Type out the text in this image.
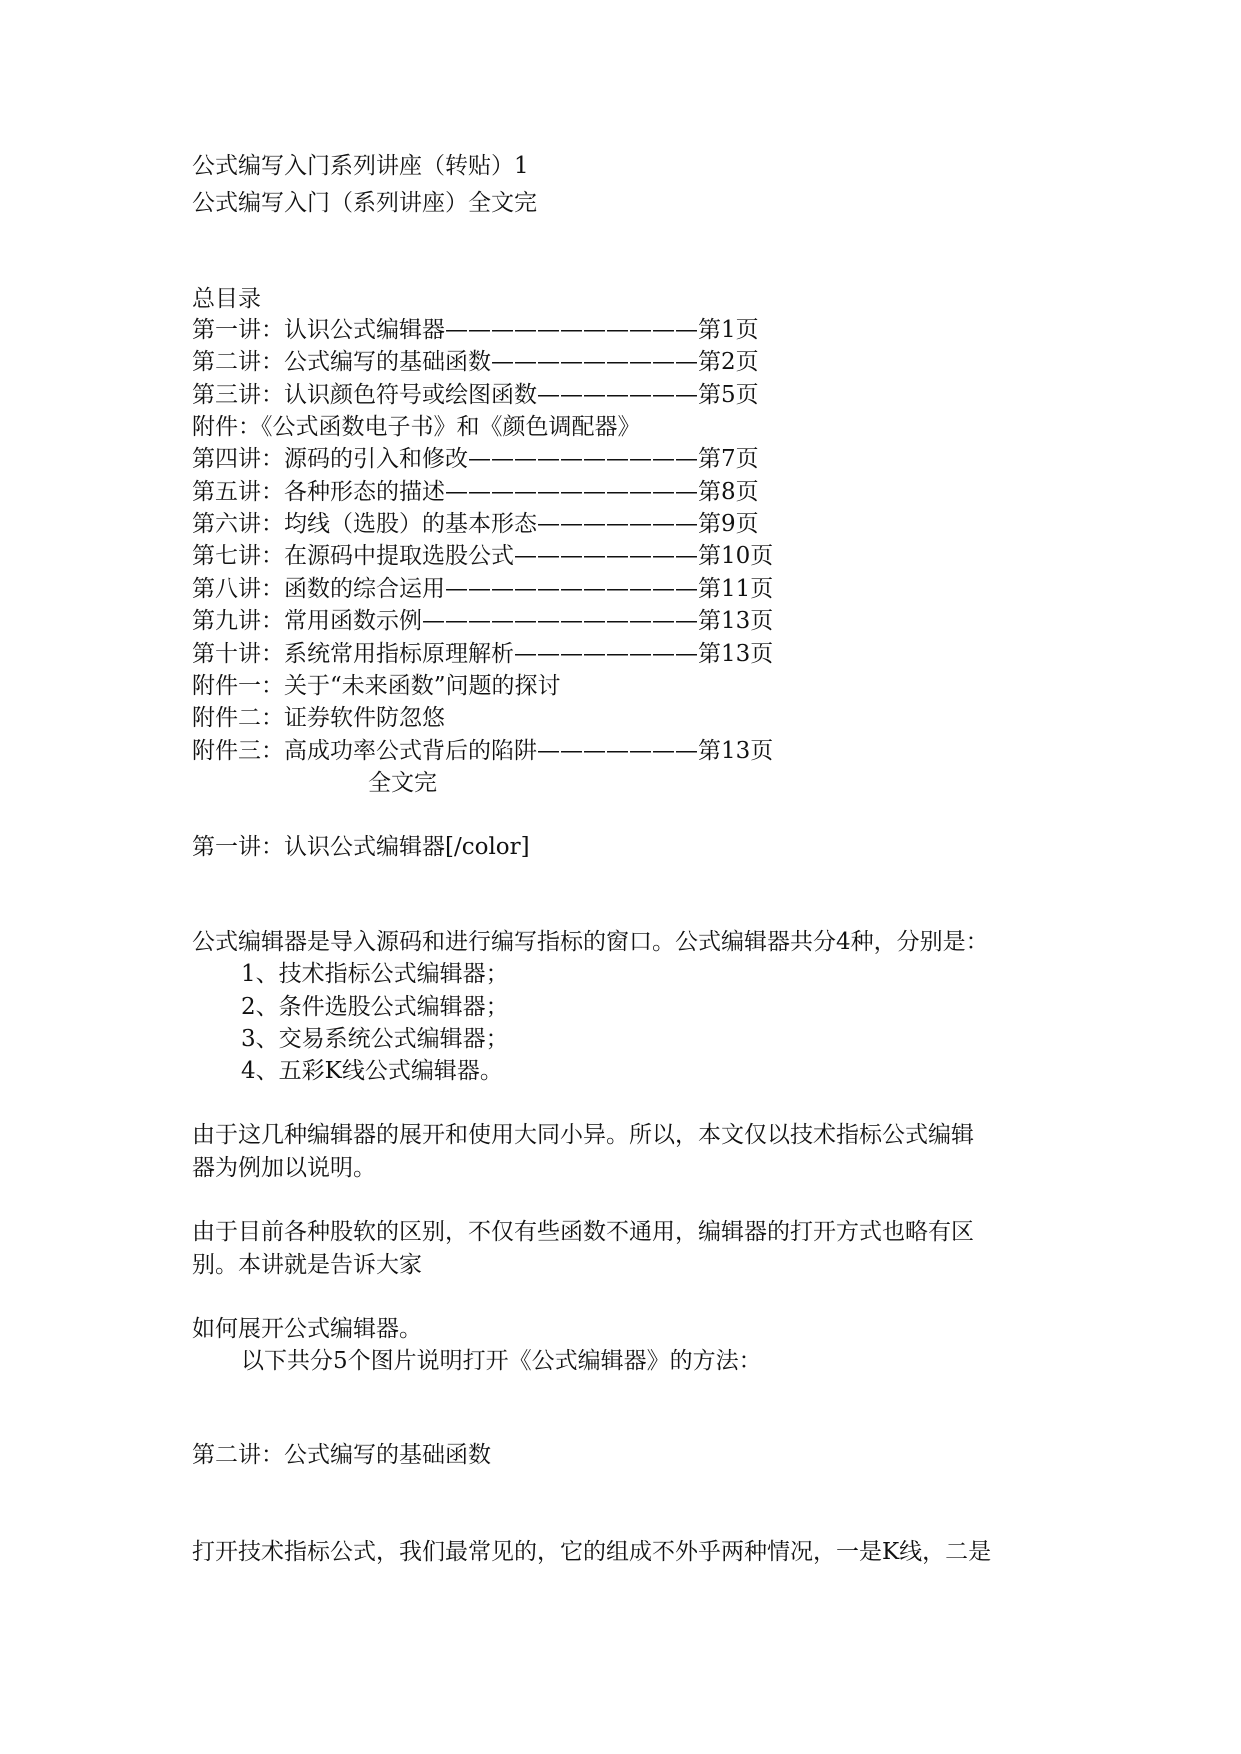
公式编写入门系列讲座（转贴）1
公式编写入门（系列讲座）全文完
总目录
第一讲：认识公式编辑器———————————第1页
第二讲：公式编写的基础函数—————————第2页
第三讲：认识颜色符号或绘图函数———————第5页
附件：《公式函数电子书》和《颜色调配器》
第四讲：源码的引入和修改——————————第7页
第五讲：各种形态的描述———————————第8页
第六讲：均线（选股）的基本形态———————第9页
第七讲：在源码中提取选股公式————————第10页
第八讲：函数的综合运用———————————第11页
第九讲：常用函数示例————————————第13页
第十讲：系统常用指标原理解析————————第13页
附件一：关于“未来函数”问题的探讨
附件二：证券软件防忽悠
附件三：高成功率公式背后的陷阱———————第13页
全文完
第一讲：认识公式编辑器[/color]
公式编辑器是导入源码和进行编写指标的窗口。公式编辑器共分4种，分别是：
1、技术指标公式编辑器；
2、条件选股公式编辑器；
3、交易系统公式编辑器；
4、五彩K线公式编辑器。
由于这几种编辑器的展开和使用大同小异。所以，本文仅以技术指标公式编辑
器为例加以说明。
由于目前各种股软的区别，不仅有些函数不通用，编辑器的打开方式也略有区
别。本讲就是告诉大家
如何展开公式编辑器。
以下共分5个图片说明打开《公式编辑器》的方法：
第二讲：公式编写的基础函数
打开技术指标公式，我们最常见的，它的组成不外乎两种情况，一是K线，二是
